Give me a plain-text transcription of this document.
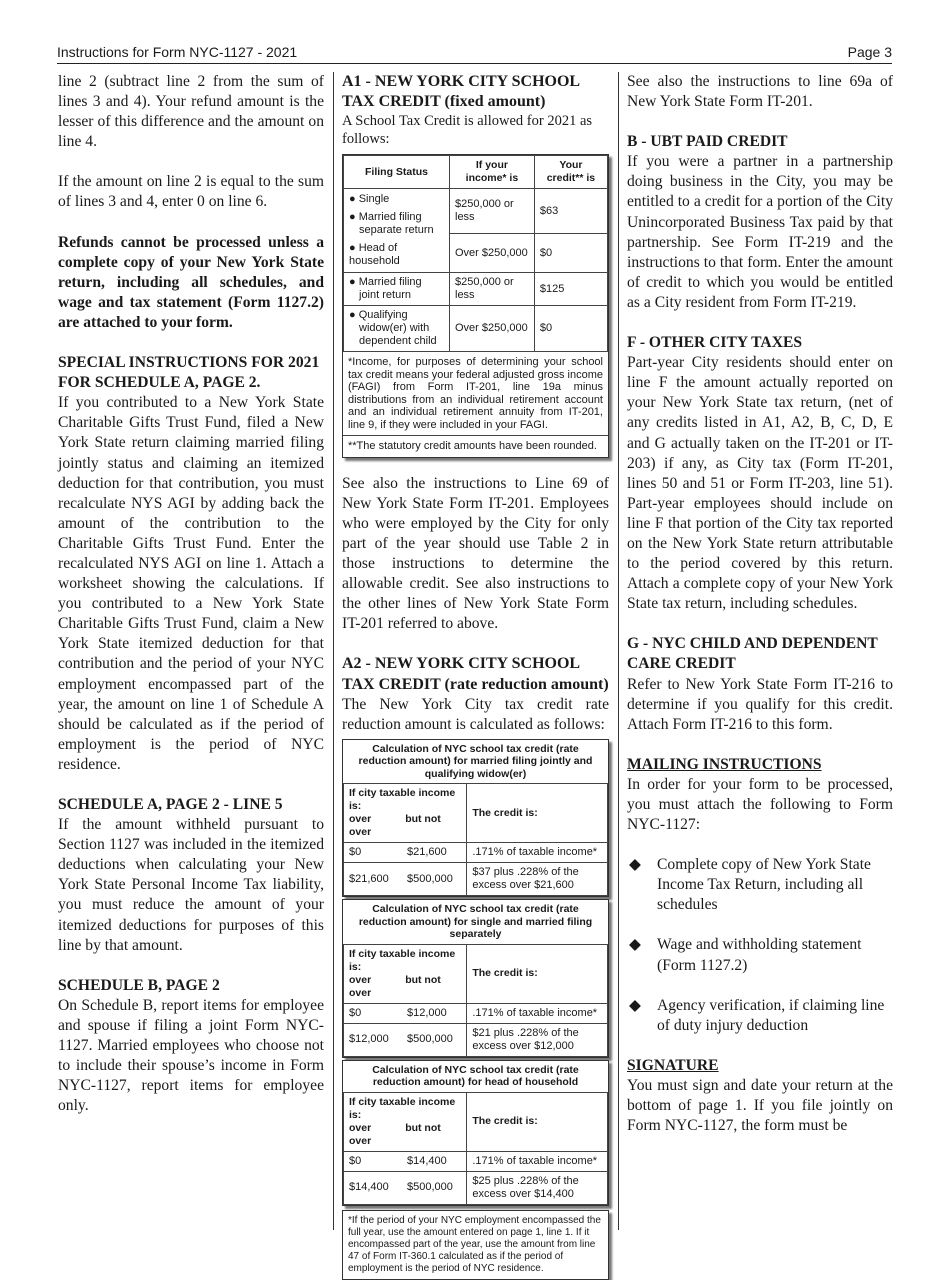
Instructions for Form NYC-1127 - 2021	Page 3

line 2 (subtract line 2 from the sum of lines 3 and 4). Your refund amount is the lesser of this difference and the amount on line 4.

If the amount on line 2 is equal to the sum of lines 3 and 4, enter 0 on line 6.

Refunds cannot be processed unless a complete copy of your New York State return, including all schedules, and wage and tax statement (Form 1127.2) are attached to your form.

SPECIAL INSTRUCTIONS FOR 2021 FOR SCHEDULE A, PAGE 2.

If you contributed to a New York State Charitable Gifts Trust Fund, filed a New York State return claiming married filing jointly status and claiming an itemized deduction for that contribution, you must recalculate NYS AGI by adding back the amount of the contribution to the Charitable Gifts Trust Fund. Enter the recalculated NYS AGI on line 1. Attach a worksheet showing the calculations. If you contributed to a New York State Charitable Gifts Trust Fund, claim a New York State itemized deduction for that contribution and the period of your NYC employment encompassed part of the year, the amount on line 1 of Schedule A should be calculated as if the period of employment is the period of NYC residence.

SCHEDULE A, PAGE 2 - LINE 5

If the amount withheld pursuant to Section 1127 was included in the itemized deductions when calculating your New York State Personal Income Tax liability, you must reduce the amount of your itemized deductions for purposes of this line by that amount.

SCHEDULE B, PAGE 2

On Schedule B, report items for employee and spouse if filing a joint Form NYC-1127. Married employees who choose not to include their spouse’s income in Form NYC-1127, report items for employee only.

A1 - NEW YORK CITY SCHOOL TAX CREDIT (fixed amount)

A School Tax Credit is allowed for 2021 as follows:

Filing Status	If your income* is	Your credit** is

● Single
● Married filing separate return
● Head of household	$250,000 or less	$63
	Over $250,000	$0
● Married filing joint return	$250,000 or less	$125
● Qualifying widow(er) with dependent child	Over $250,000	$0
*Income, for purposes of determining your school tax credit means your federal adjusted gross income (FAGI) from Form IT-201, line 19a minus distributions from an individual retirement account and an individual retirement annuity from IT-201, line 9, if they were included in your FAGI.
**The statutory credit amounts have been rounded.

See also the instructions to Line 69 of New York State Form IT-201. Employees who were employed by the City for only part of the year should use Table 2 in those instructions to determine the allowable credit. See also instructions to the other lines of New York State Form IT-201 referred to above.

A2 - NEW YORK CITY SCHOOL TAX CREDIT (rate reduction amount)

The New York City tax credit rate reduction amount is calculated as follows:

Calculation of NYC school tax credit (rate reduction amount) for married filing jointly and qualifying widow(er)
If city taxable income is:
over but not over		The credit is:
$0	$21,600	.171% of taxable income*
$21,600	$500,000	$37 plus .228% of the excess over $21,600
Calculation of NYC school tax credit (rate reduction amount) for single and married filing separately
If city taxable income is:
over but not over		The credit is:
$0	$12,000	.171% of taxable income*
$12,000	$500,000	$21 plus .228% of the excess over $12,000
Calculation of NYC school tax credit (rate reduction amount) for head of household
If city taxable income is:
over but not over		The credit is:
$0	$14,400	.171% of taxable income*
$14,400	$500,000	$25 plus .228% of the excess over $14,400
*If the period of your NYC employment encompassed the full year, use the amount entered on page 1, line 1. If it encompassed part of the year, use the amount from line 47 of Form IT-360.1 calculated as if the period of employment is the period of NYC residence.

See also the instructions to line 69a of New York State Form IT-201.

B - UBT PAID CREDIT

If you were a partner in a partnership doing business in the City, you may be entitled to a credit for a portion of the City Unincorporated Business Tax paid by that partnership. See Form IT-219 and the instructions to that form. Enter the amount of credit to which you would be entitled as a City resident from Form IT-219.

F - OTHER CITY TAXES

Part-year City residents should enter on line F the amount actually reported on your New York State tax return, (net of any credits listed in A1, A2, B, C, D, E and G actually taken on the IT-201 or IT-203) if any, as City tax (Form IT-201, lines 50 and 51 or Form IT-203, line 51). Part-year employees should include on line F that portion of the City tax reported on the New York State return attributable to the period covered by this return. Attach a complete copy of your New York State tax return, including schedules.

G - NYC CHILD AND DEPENDENT CARE CREDIT

Refer to New York State Form IT-216 to determine if you qualify for this credit. Attach Form IT-216 to this form.

MAILING INSTRUCTIONS

In order for your form to be processed, you must attach the following to Form NYC-1127:

◆ Complete copy of New York State Income Tax Return, including all schedules
◆ Wage and withholding statement (Form 1127.2)
◆ Agency verification, if claiming line of duty injury deduction

SIGNATURE

You must sign and date your return at the bottom of page 1. If you file jointly on Form NYC-1127, the form must be
